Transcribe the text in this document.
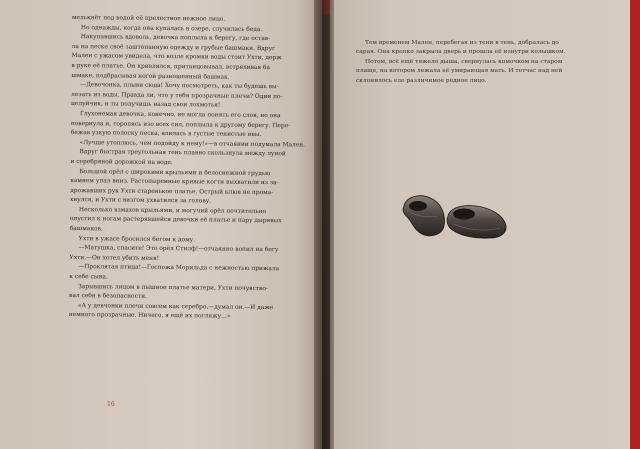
мелькнёт под водой её прелестное нежное лицо.

Но однажды, когда она купалась в озере, случилась беда.

Накупавшись вдоволь, девочка поплыла к берегу, где остав-

ла на песке своё заштопанную одежду и грубые башмаки. Вдруг

Мален с ужасом увидела, что возле кромки воды стоит Ухти, держ

в руке её платье. Он кривлялся, пританцовывал, встряхивая ба

шмаке, подбрасывая ногой разношенный башмак.

—Девочонка, плыви сюда! Хочу посмотреть, как ты будешь вы-

лезать из воды. Правда ли, что у тебя прозрачные плечи? Один по-

целуйчик, и ты получишь назад свои лохмотья!

Глухонемая девочка, конечно, не могла понять его слов, но она

повернула и, торопясь изо всех сил, поплыла к другому берегу. Пере-

бежав узкую полоску песка, влилась в густые тенистые ивы.

«Лучше утоплюсь, чем подойду к нему!»—в отчаянии подумала Мален.

Вдруг быстрая треугольная тень плавно скользнула между луной

и серебряной дорожкой на воде.

Большой орёл с широкими крыльями и белоснежной грудью

камнем упал вниз. Растопыренные кривые когти выхватили из за-

дрожавших рук Ухти старенькое платье. Острый клюв не прома-

хнулся, и Ухти с визгом ухватился за голову.

Несколько взмахов крыльями, и могучий орёл почтительно

опустил к ногам растерявшейся девочки её платье и пару дырявых

башмаков.

Ухти в ужасе бросился бегом к дому.

—Матушка, спасите! Это орёл Стилф!—отчаянно вопил на бегу

Ухти.—Он хотел убить меня!

—Проклятая птица!—Госпожа Морильда с нежностью прижала

к себе сына.

Зарывшись лицом в пышное платье матери, Ухти почувство-

вал себя в безопасности.

«А у девчонки плечи совсем как серебро,—думал он.—И даже

немного прозрачные. Ничего, я ещё их погляжу…»

16

Тем временем Мален, перебегая из тени в тень, добралась до

сарая. Она крепко закрыла дверь и прошла её изнутри колышком.

Потом, всё ещё тяжело дыша, свернулась комочком на старом

плаще, на котором лежала её умирающая мать. И тотчас над ней

склонилось еле различимое родное лицо.
